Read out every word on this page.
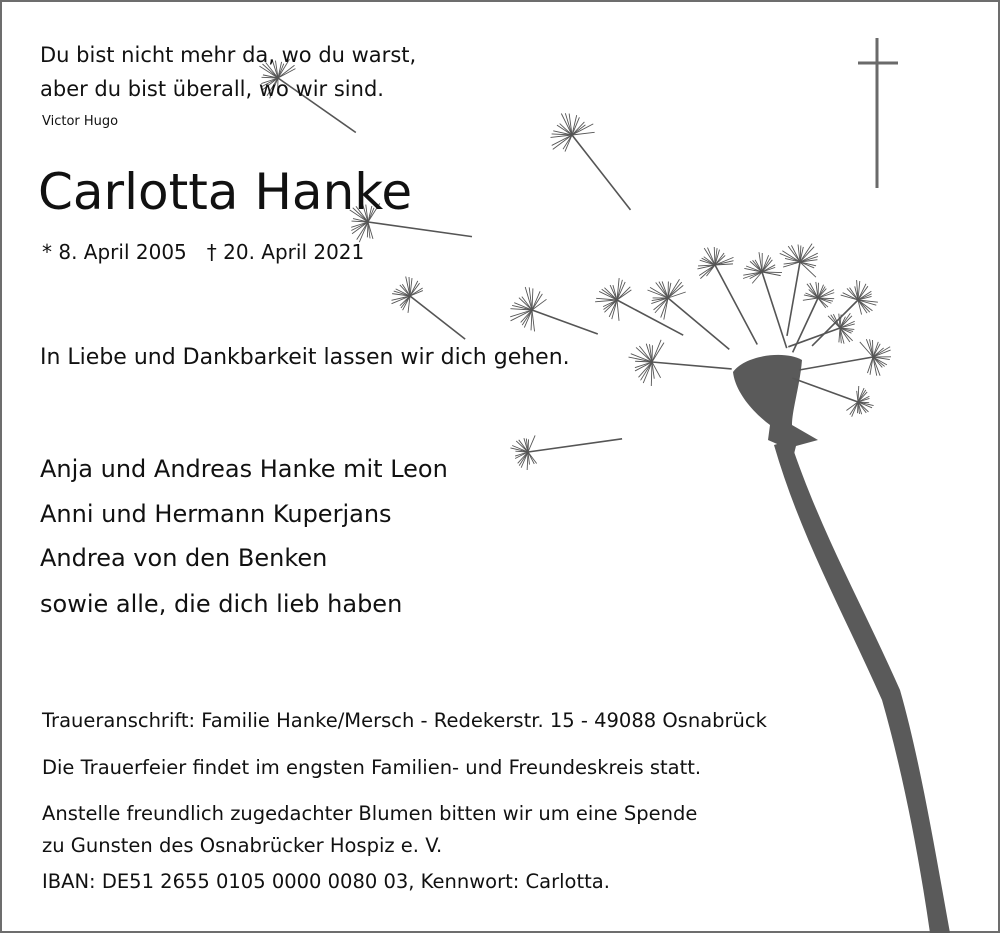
Du bist nicht mehr da, wo du warst,

aber du bist überall, wo wir sind.

Victor Hugo

Carlotta Hanke

* 8. April 2005 † 20. April 2021

In Liebe und Dankbarkeit lassen wir dich gehen.

Anja und Andreas Hanke mit Leon

Anni und Hermann Kuperjans

Andrea von den Benken

sowie alle, die dich lieb haben

Traueranschrift: Familie Hanke/Mersch - Redekerstr. 15 - 49088 Osnabrück

Die Trauerfeier findet im engsten Familien- und Freundeskreis statt.

Anstelle freundlich zugedachter Blumen bitten wir um eine Spende

zu Gunsten des Osnabrücker Hospiz e. V.

IBAN: DE51 2655 0105 0000 0080 03, Kennwort: Carlotta.
